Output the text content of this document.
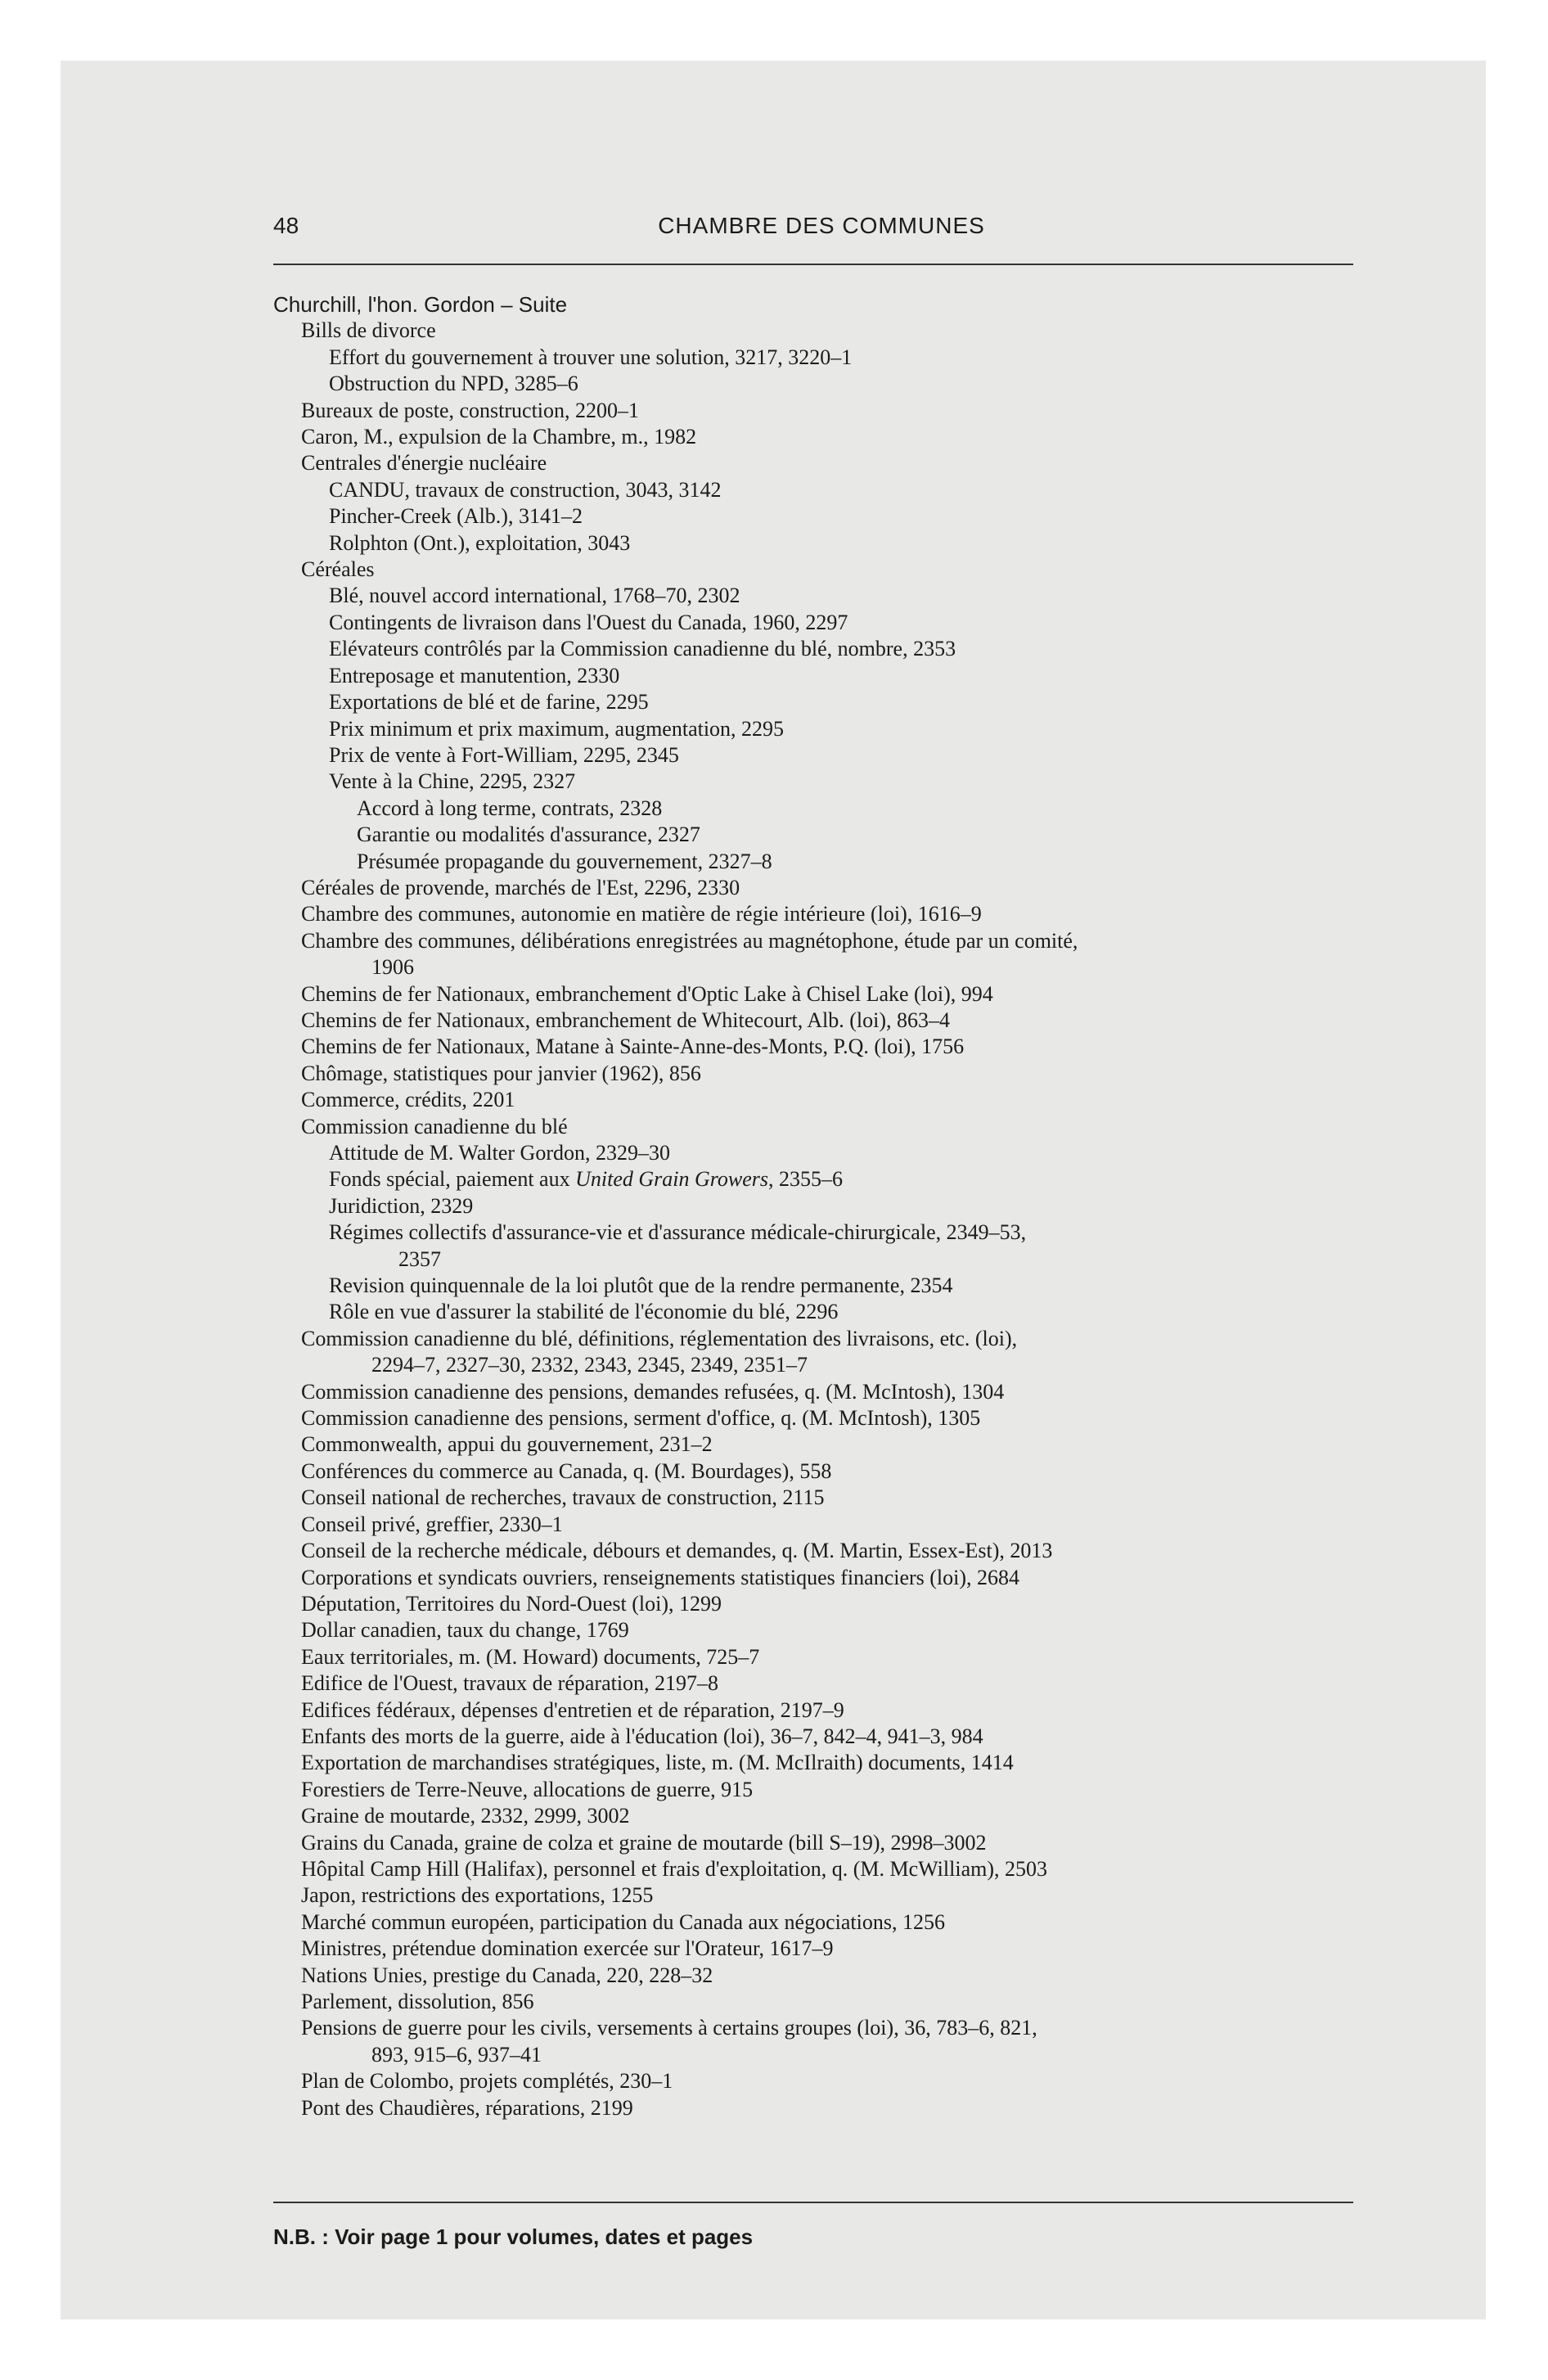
48	CHAMBRE DES COMMUNES
Churchill, l'hon. Gordon – Suite
Bills de divorce
Effort du gouvernement à trouver une solution, 3217, 3220–1
Obstruction du NPD, 3285–6
Bureaux de poste, construction, 2200–1
Caron, M., expulsion de la Chambre, m., 1982
Centrales d'énergie nucléaire
CANDU, travaux de construction, 3043, 3142
Pincher-Creek (Alb.), 3141–2
Rolphton (Ont.), exploitation, 3043
Céréales
Blé, nouvel accord international, 1768–70, 2302
Contingents de livraison dans l'Ouest du Canada, 1960, 2297
Elévateurs contrôlés par la Commission canadienne du blé, nombre, 2353
Entreposage et manutention, 2330
Exportations de blé et de farine, 2295
Prix minimum et prix maximum, augmentation, 2295
Prix de vente à Fort-William, 2295, 2345
Vente à la Chine, 2295, 2327
Accord à long terme, contrats, 2328
Garantie ou modalités d'assurance, 2327
Présumée propagande du gouvernement, 2327–8
Céréales de provende, marchés de l'Est, 2296, 2330
Chambre des communes, autonomie en matière de régie intérieure (loi), 1616–9
Chambre des communes, délibérations enregistrées au magnétophone, étude par un comité,
1906
Chemins de fer Nationaux, embranchement d'Optic Lake à Chisel Lake (loi), 994
Chemins de fer Nationaux, embranchement de Whitecourt, Alb. (loi), 863–4
Chemins de fer Nationaux, Matane à Sainte-Anne-des-Monts, P.Q. (loi), 1756
Chômage, statistiques pour janvier (1962), 856
Commerce, crédits, 2201
Commission canadienne du blé
Attitude de M. Walter Gordon, 2329–30
Fonds spécial, paiement aux United Grain Growers, 2355–6
Juridiction, 2329
Régimes collectifs d'assurance-vie et d'assurance médicale-chirurgicale, 2349–53,
2357
Revision quinquennale de la loi plutôt que de la rendre permanente, 2354
Rôle en vue d'assurer la stabilité de l'économie du blé, 2296
Commission canadienne du blé, définitions, réglementation des livraisons, etc. (loi),
2294–7, 2327–30, 2332, 2343, 2345, 2349, 2351–7
Commission canadienne des pensions, demandes refusées, q. (M. McIntosh), 1304
Commission canadienne des pensions, serment d'office, q. (M. McIntosh), 1305
Commonwealth, appui du gouvernement, 231–2
Conférences du commerce au Canada, q. (M. Bourdages), 558
Conseil national de recherches, travaux de construction, 2115
Conseil privé, greffier, 2330–1
Conseil de la recherche médicale, débours et demandes, q. (M. Martin, Essex-Est), 2013
Corporations et syndicats ouvriers, renseignements statistiques financiers (loi), 2684
Députation, Territoires du Nord-Ouest (loi), 1299
Dollar canadien, taux du change, 1769
Eaux territoriales, m. (M. Howard) documents, 725–7
Edifice de l'Ouest, travaux de réparation, 2197–8
Edifices fédéraux, dépenses d'entretien et de réparation, 2197–9
Enfants des morts de la guerre, aide à l'éducation (loi), 36–7, 842–4, 941–3, 984
Exportation de marchandises stratégiques, liste, m. (M. McIlraith) documents, 1414
Forestiers de Terre-Neuve, allocations de guerre, 915
Graine de moutarde, 2332, 2999, 3002
Grains du Canada, graine de colza et graine de moutarde (bill S–19), 2998–3002
Hôpital Camp Hill (Halifax), personnel et frais d'exploitation, q. (M. McWilliam), 2503
Japon, restrictions des exportations, 1255
Marché commun européen, participation du Canada aux négociations, 1256
Ministres, prétendue domination exercée sur l'Orateur, 1617–9
Nations Unies, prestige du Canada, 220, 228–32
Parlement, dissolution, 856
Pensions de guerre pour les civils, versements à certains groupes (loi), 36, 783–6, 821,
893, 915–6, 937–41
Plan de Colombo, projets complétés, 230–1
Pont des Chaudières, réparations, 2199
N.B. : Voir page 1 pour volumes, dates et pages
